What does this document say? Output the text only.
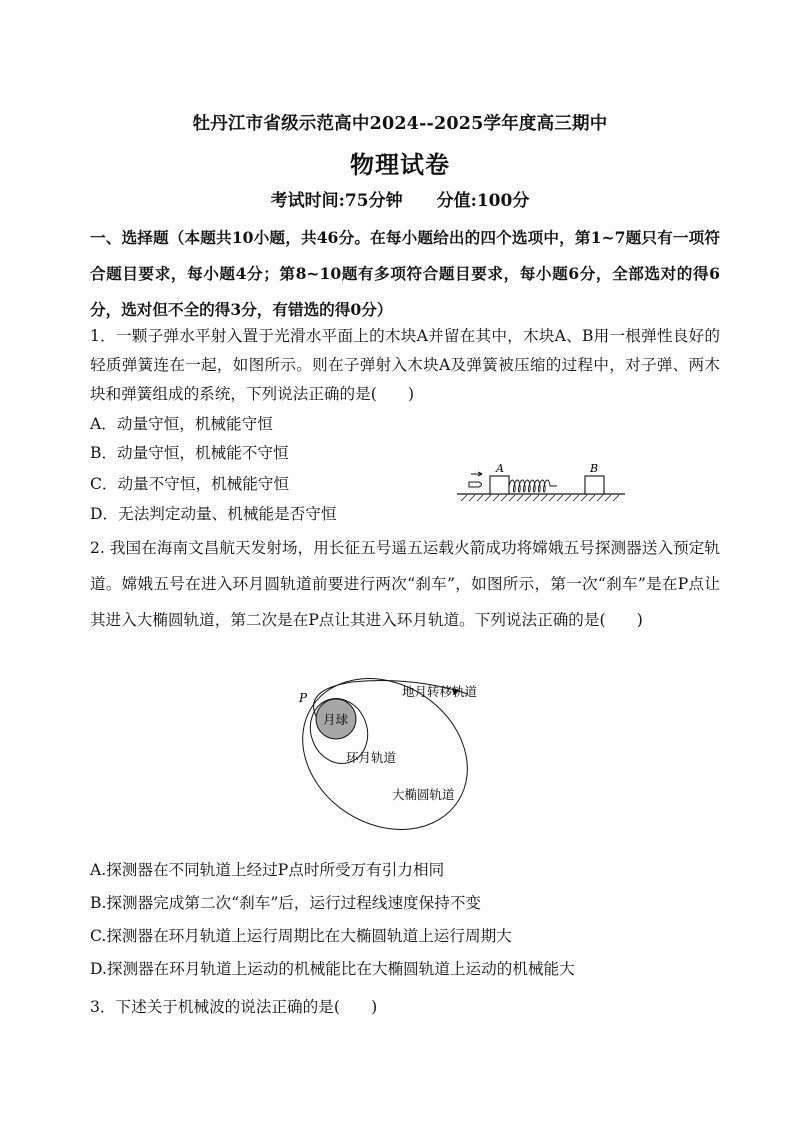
牡丹江市省级示范高中2024--2025学年度高三期中
物理试卷
考试时间:75分钟 分值:100分
一、选择题（本题共10小题，共46分。在每小题给出的四个选项中，第1~7题只有一项符合题目要求，每小题4分；第8~10题有多项符合题目要求，每小题6分，全部选对的得6分，选对但不全的得3分，有错选的得0分）
1．一颗子弹水平射入置于光滑水平面上的木块A并留在其中，木块A、B用一根弹性良好的轻质弹簧连在一起，如图所示。则在子弹射入木块A及弹簧被压缩的过程中，对子弹、两木块和弹簧组成的系统，下列说法正确的是(　　)
A．动量守恒，机械能守恒
B．动量守恒，机械能不守恒
C．动量不守恒，机械能守恒
D．无法判定动量、机械能是否守恒
A	B
2. 我国在海南文昌航天发射场，用长征五号遥五运载火箭成功将嫦娥五号探测器送入预定轨道。嫦娥五号在进入环月圆轨道前要进行两次“刹车”，如图所示，第一次“刹车”是在P点让其进入大椭圆轨道，第二次是在P点让其进入环月轨道。下列说法正确的是(　　)
月球
P	地月转移轨道
环月轨道
大椭圆轨道
A.探测器在不同轨道上经过P点时所受万有引力相同
B.探测器完成第二次“刹车”后，运行过程线速度保持不变
C.探测器在环月轨道上运行周期比在大椭圆轨道上运行周期大
D.探测器在环月轨道上运动的机械能比在大椭圆轨道上运动的机械能大
3．下述关于机械波的说法正确的是(　　)
